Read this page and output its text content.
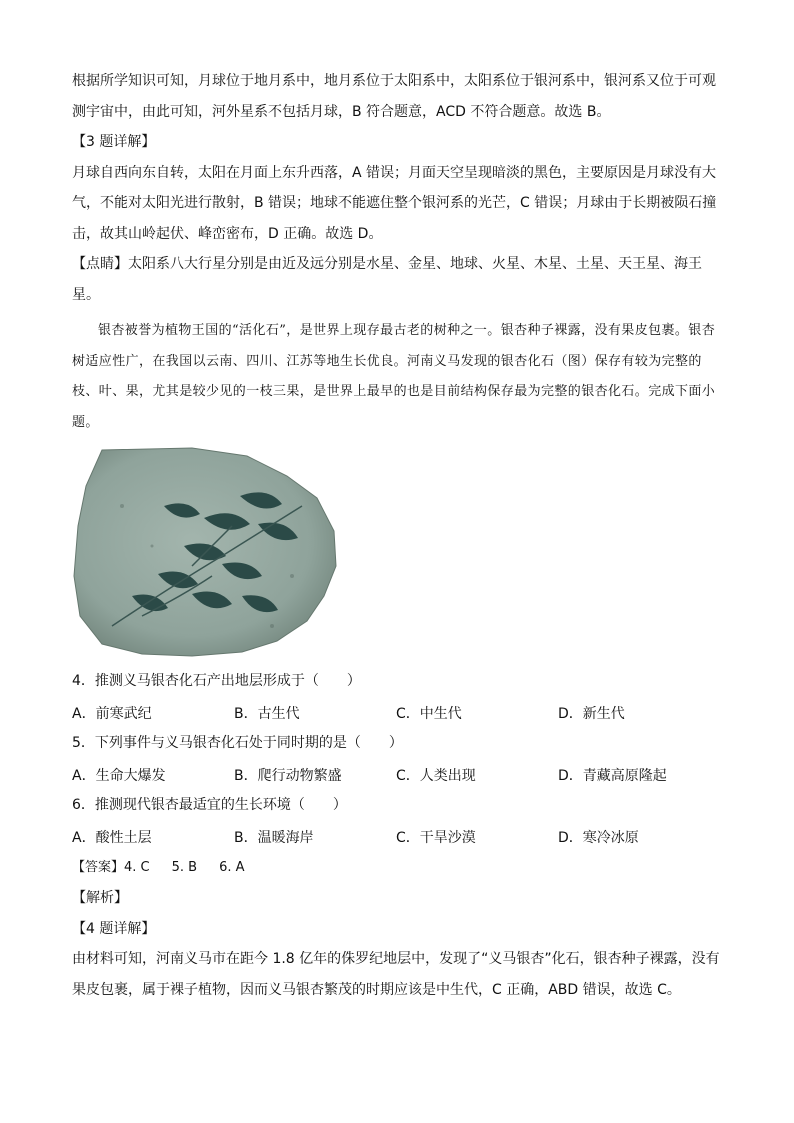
根据所学知识可知，月球位于地月系中，地月系位于太阳系中，太阳系位于银河系中，银河系又位于可观

测宇宙中，由此可知，河外星系不包括月球，B 符合题意，ACD 不符合题意。故选 B。

【3 题详解】

月球自西向东自转，太阳在月面上东升西落，A 错误；月面天空呈现暗淡的黑色，主要原因是月球没有大

气，不能对太阳光进行散射，B 错误；地球不能遮住整个银河系的光芒，C 错误；月球由于长期被陨石撞

击，故其山岭起伏、峰峦密布，D 正确。故选 D。

【点睛】太阳系八大行星分别是由近及远分别是水星、金星、地球、火星、木星、土星、天王星、海王

星。

银杏被誉为植物王国的“活化石”，是世界上现存最古老的树种之一。银杏种子裸露，没有果皮包裹。银杏树适应性广，在我国以云南、四川、江苏等地生长优良。河南义马发现的银杏化石（图）保存有较为完整的枝、叶、果，尤其是较少见的一枝三果，是世界上最早的也是目前结构保存最为完整的银杏化石。完成下面小题。

4．推测义马银杏化石产出地层形成于（　　）

A．前寒武纪	B．古生代	C．中生代	D．新生代

5．下列事件与义马银杏化石处于同时期的是（　　）

A．生命大爆发	B．爬行动物繁盛	C．人类出现	D．青藏高原隆起

6．推测现代银杏最适宜的生长环境（　　）

A．酸性土层	B．温暖海岸	C．干旱沙漠	D．寒冷冰原

【答案】4. C 5. B 6. A

【解析】

【4 题详解】

由材料可知，河南义马市在距今 1.8 亿年的侏罗纪地层中，发现了“义马银杏”化石，银杏种子裸露，没有

果皮包裹，属于裸子植物，因而义马银杏繁茂的时期应该是中生代，C 正确，ABD 错误，故选 C。
